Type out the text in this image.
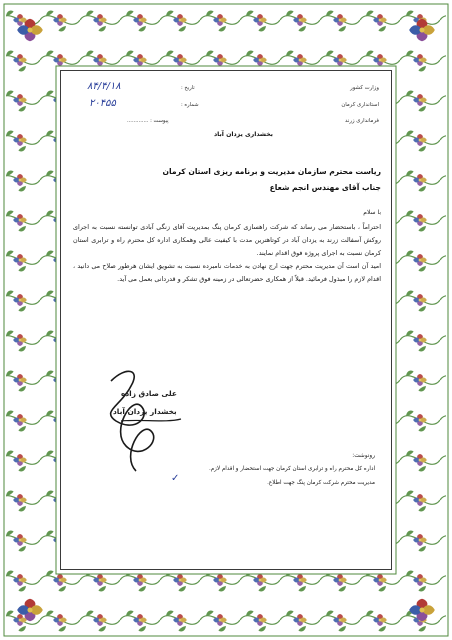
۸۴/۴/۱۸	تاریخ :
۲۰۴۵۵	شماره :
پیوست : .............
وزارت کشور
استانداری کرمان
فرمانداری زرند
بخشداری یزدان آباد
ریاست محترم سازمان مدیریت و برنامه ریزی استان کرمان
جناب آقای مهندس انجم شعاع
با سلام

احتراماً ، باستحضار می رساند که شرکت راهسازی کرمان پنگ بمدیریت آقای زنگی آبادی توانسته نسبت به اجرای روکش آسفالت زرند به یزدان آباد در کوتاهترین مدت با کیفیت عالی وهمکاری اداره کل محترم راه و ترابری استان کرمان نسبت به اجرای پروژه فوق اقدام نمایند.

امید آن است آن مدیریت محترم جهت ارج نهادن به خدمات نامبرده نسبت به تشویق ایشان هرطور صلاح می دانید ، اقدام لازم را مبذول فرمائید. قبلاً از همکاری حضرتعالی در زمینه فوق تشکر و قدردانی بعمل می آید.

علی صادق زاده
بخشدار یزدان آباد
رونوشت:
اداره کل محترم راه و ترابری استان کرمان جهت استحضار و اقدام لازم.
مدیریت محترم شرکت کرمان پنگ جهت اطلاع.
✓
